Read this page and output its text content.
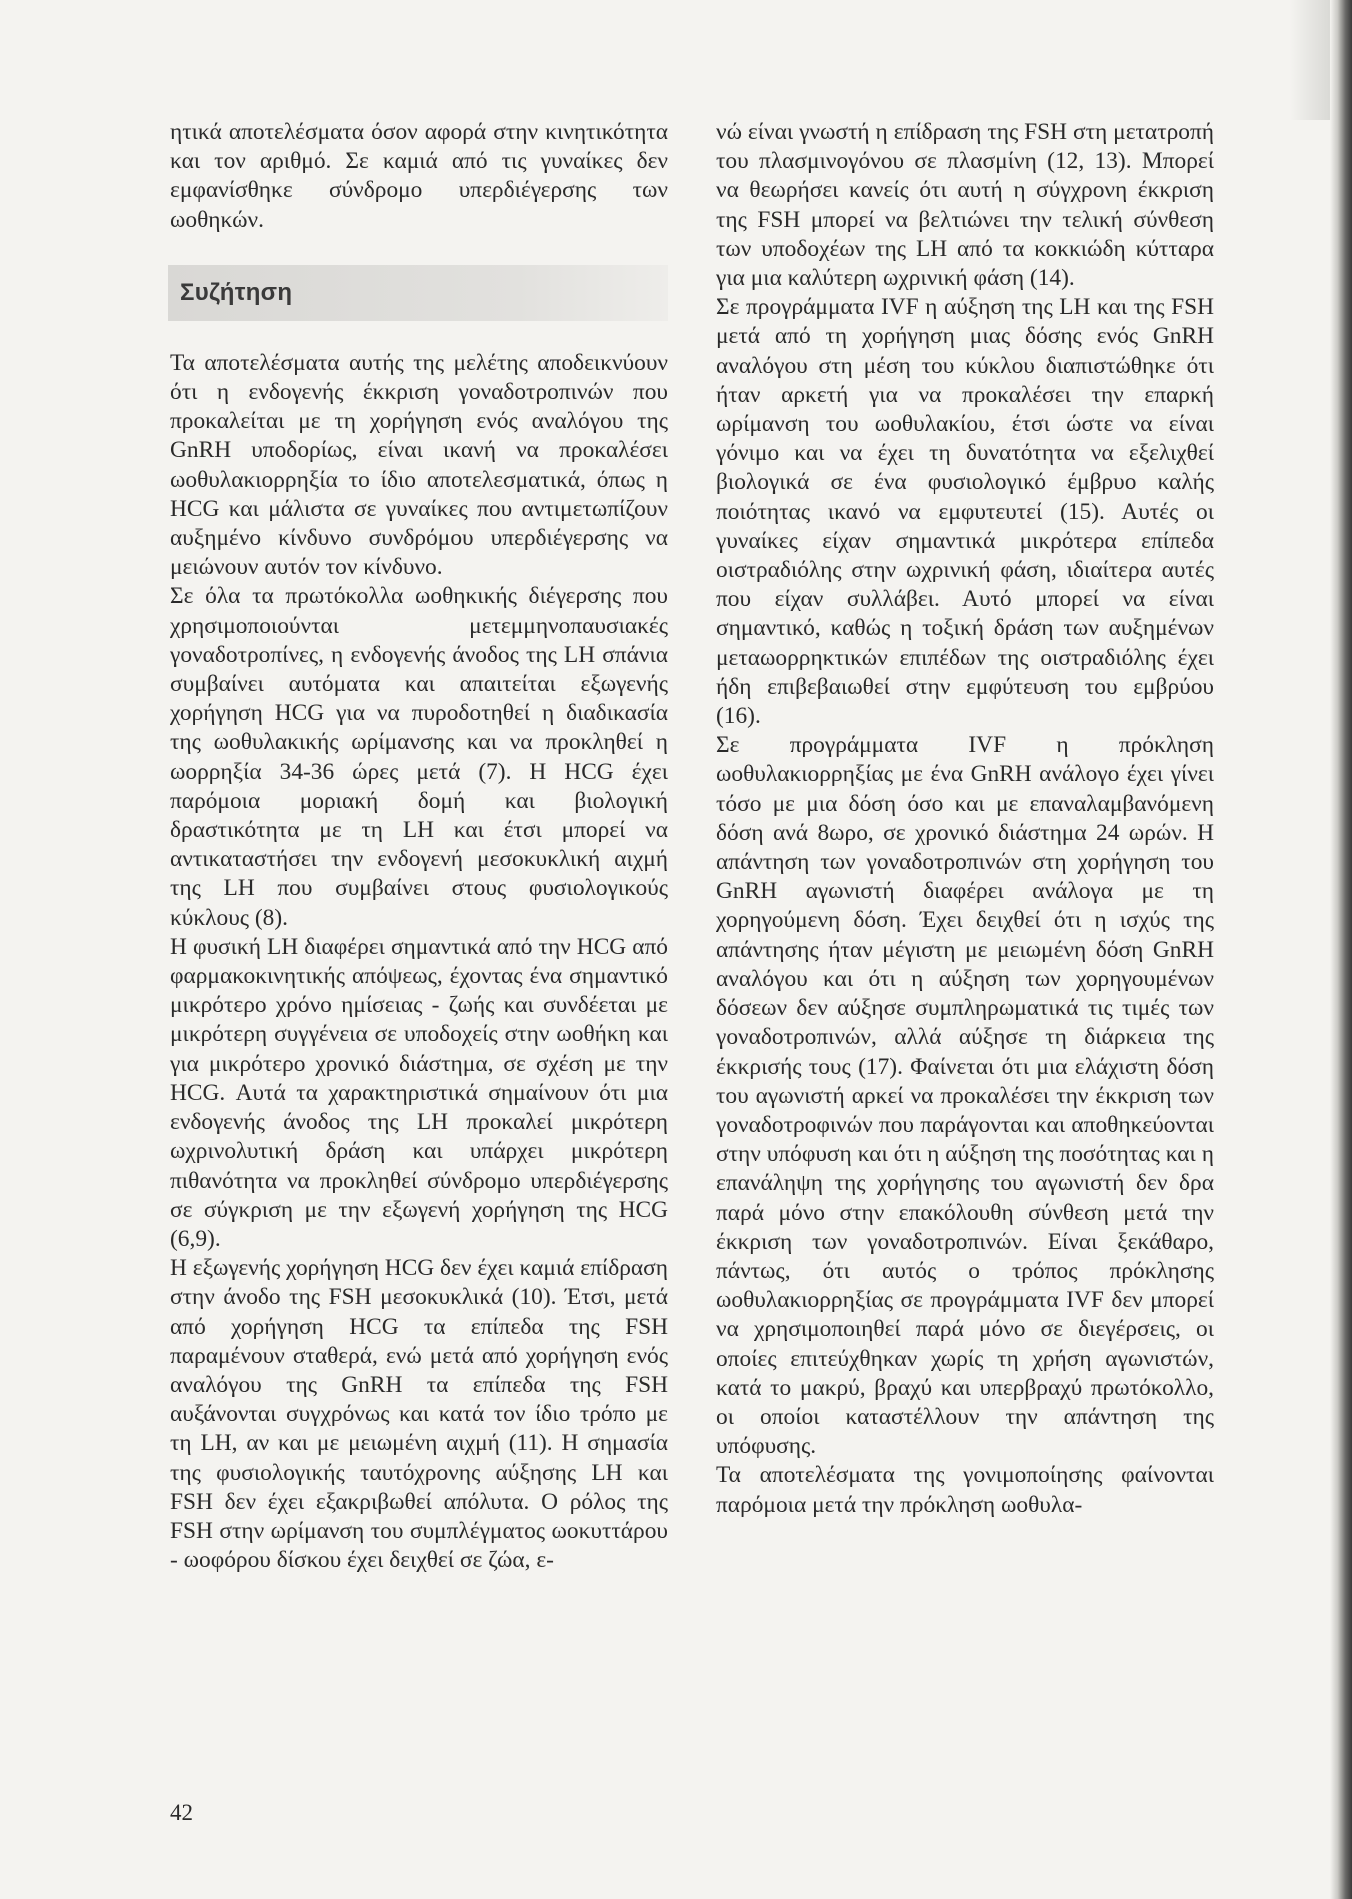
ητικά αποτελέσματα όσον αφορά στην κινητικότητα και τον αριθμό. Σε καμιά από τις γυναίκες δεν εμφανίσθηκε σύνδρομο υπερδιέγερσης των ωοθηκών.

Συζήτηση

Τα αποτελέσματα αυτής της μελέτης αποδεικνύουν ότι η ενδογενής έκκριση γοναδοτροπινών που προκαλείται με τη χορήγηση ενός αναλόγου της GnRH υποδορίως, είναι ικανή να προκαλέσει ωοθυλακιορρηξία το ίδιο αποτελεσματικά, όπως η HCG και μάλιστα σε γυναίκες που αντιμετωπίζουν αυξημένο κίνδυνο συνδρόμου υπερδιέγερσης να μειώνουν αυτόν τον κίνδυνο.

Σε όλα τα πρωτόκολλα ωοθηκικής διέγερσης που χρησιμοποιούνται μετεμμηνοπαυσιακές γοναδοτροπίνες, η ενδογενής άνοδος της LH σπάνια συμβαίνει αυτόματα και απαιτείται εξωγενής χορήγηση HCG για να πυροδοτηθεί η διαδικασία της ωοθυλακικής ωρίμανσης και να προκληθεί η ωορρηξία 34-36 ώρες μετά (7). Η HCG έχει παρόμοια μοριακή δομή και βιολογική δραστικότητα με τη LH και έτσι μπορεί να αντικαταστήσει την ενδογενή μεσοκυκλική αιχμή της LH που συμβαίνει στους φυσιολογικούς κύκλους (8).

Η φυσική LH διαφέρει σημαντικά από την HCG από φαρμακοκινητικής απόψεως, έχοντας ένα σημαντικό μικρότερο χρόνο ημίσειας - ζωής και συνδέεται με μικρότερη συγγένεια σε υποδοχείς στην ωοθήκη και για μικρότερο χρονικό διάστημα, σε σχέση με την HCG. Αυτά τα χαρακτηριστικά σημαίνουν ότι μια ενδογενής άνοδος της LH προκαλεί μικρότερη ωχρινολυτική δράση και υπάρχει μικρότερη πιθανότητα να προκληθεί σύνδρομο υπερδιέγερσης σε σύγκριση με την εξωγενή χορήγηση της HCG (6,9).

Η εξωγενής χορήγηση HCG δεν έχει καμιά επίδραση στην άνοδο της FSH μεσοκυκλικά (10). Έτσι, μετά από χορήγηση HCG τα επίπεδα της FSH παραμένουν σταθερά, ενώ μετά από χορήγηση ενός αναλόγου της GnRH τα επίπεδα της FSH αυξάνονται συγχρόνως και κατά τον ίδιο τρόπο με τη LH, αν και με μειωμένη αιχμή (11). Η σημασία της φυσιολογικής ταυτόχρονης αύξησης LH και FSH δεν έχει εξακριβωθεί απόλυτα. Ο ρόλος της FSH στην ωρίμανση του συμπλέγματος ωοκυττάρου - ωοφόρου δίσκου έχει δειχθεί σε ζώα, ε-

νώ είναι γνωστή η επίδραση της FSH στη μετατροπή του πλασμινογόνου σε πλασμίνη (12, 13). Μπορεί να θεωρήσει κανείς ότι αυτή η σύγχρονη έκκριση της FSH μπορεί να βελτιώνει την τελική σύνθεση των υποδοχέων της LH από τα κοκκιώδη κύτταρα για μια καλύτερη ωχρινική φάση (14).

Σε προγράμματα IVF η αύξηση της LH και της FSH μετά από τη χορήγηση μιας δόσης ενός GnRH αναλόγου στη μέση του κύκλου διαπιστώθηκε ότι ήταν αρκετή για να προκαλέσει την επαρκή ωρίμανση του ωοθυλακίου, έτσι ώστε να είναι γόνιμο και να έχει τη δυνατότητα να εξελιχθεί βιολογικά σε ένα φυσιολογικό έμβρυο καλής ποιότητας ικανό να εμφυτευτεί (15). Αυτές οι γυναίκες είχαν σημαντικά μικρότερα επίπεδα οιστραδιόλης στην ωχρινική φάση, ιδιαίτερα αυτές που είχαν συλλάβει. Αυτό μπορεί να είναι σημαντικό, καθώς η τοξική δράση των αυξημένων μεταωορρηκτικών επιπέδων της οιστραδιόλης έχει ήδη επιβεβαιωθεί στην εμφύτευση του εμβρύου (16).

Σε προγράμματα IVF η πρόκληση ωοθυλακιορρηξίας με ένα GnRH ανάλογο έχει γίνει τόσο με μια δόση όσο και με επαναλαμβανόμενη δόση ανά 8ωρο, σε χρονικό διάστημα 24 ωρών. Η απάντηση των γοναδοτροπινών στη χορήγηση του GnRH αγωνιστή διαφέρει ανάλογα με τη χορηγούμενη δόση. Έχει δειχθεί ότι η ισχύς της απάντησης ήταν μέγιστη με μειωμένη δόση GnRH αναλόγου και ότι η αύξηση των χορηγουμένων δόσεων δεν αύξησε συμπληρωματικά τις τιμές των γοναδοτροπινών, αλλά αύξησε τη διάρκεια της έκκρισής τους (17). Φαίνεται ότι μια ελάχιστη δόση του αγωνιστή αρκεί να προκαλέσει την έκκριση των γοναδοτροφινών που παράγονται και αποθηκεύονται στην υπόφυση και ότι η αύξηση της ποσότητας και η επανάληψη της χορήγησης του αγωνιστή δεν δρα παρά μόνο στην επακόλουθη σύνθεση μετά την έκκριση των γοναδοτροπινών. Είναι ξεκάθαρο, πάντως, ότι αυτός ο τρόπος πρόκλησης ωοθυλακιορρηξίας σε προγράμματα IVF δεν μπορεί να χρησιμοποιηθεί παρά μόνο σε διεγέρσεις, οι οποίες επιτεύχθηκαν χωρίς τη χρήση αγωνιστών, κατά το μακρύ, βραχύ και υπερβραχύ πρωτόκολλο, οι οποίοι καταστέλλουν την απάντηση της υπόφυσης.

Τα αποτελέσματα της γονιμοποίησης φαίνονται παρόμοια μετά την πρόκληση ωοθυλα-

42
